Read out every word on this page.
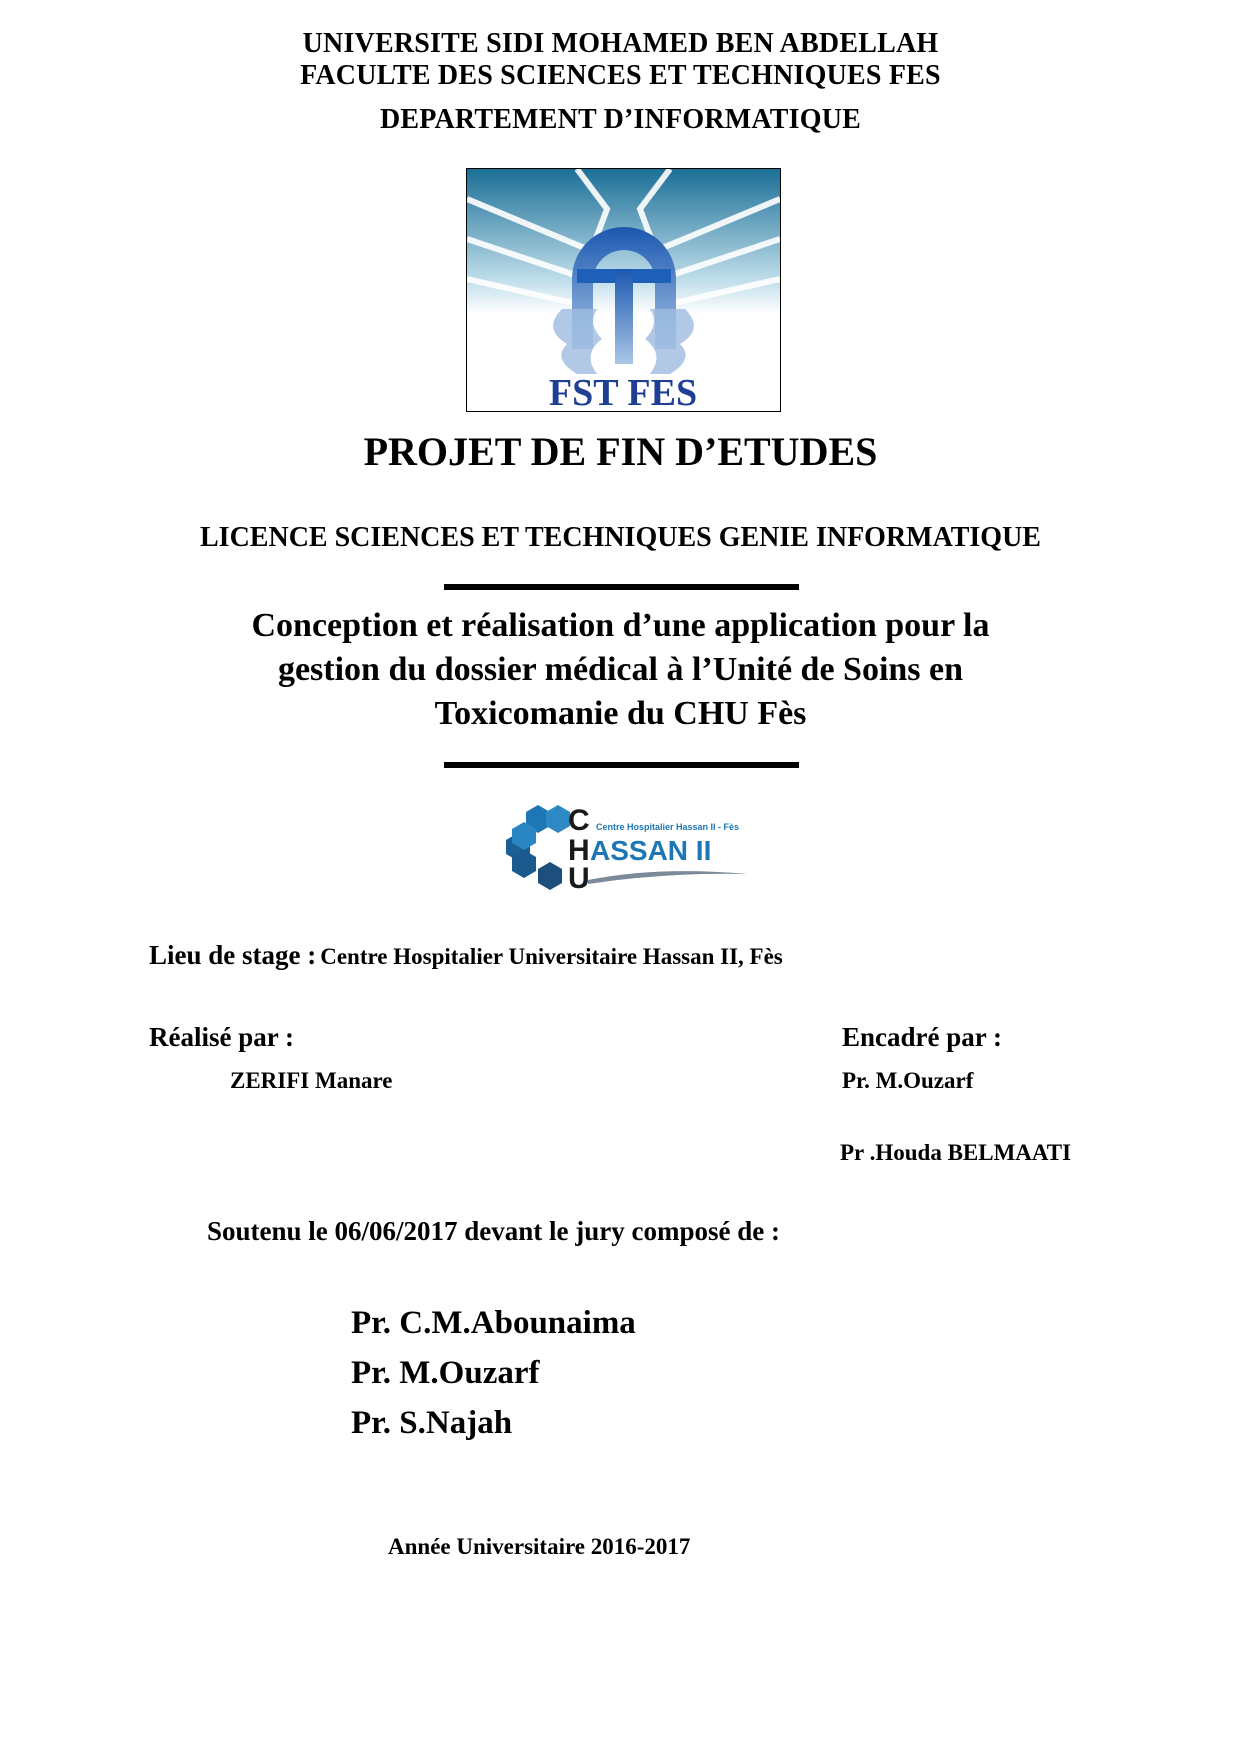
UNIVERSITE SIDI MOHAMED BEN ABDELLAH
FACULTE DES SCIENCES ET TECHNIQUES FES
DEPARTEMENT D’INFORMATIQUE
FST FES
PROJET DE FIN D’ETUDES
LICENCE SCIENCES ET TECHNIQUES GENIE INFORMATIQUE
Conception et réalisation d’une application pour la
gestion du dossier médical à l’Unité de Soins en
Toxicomanie du CHU Fès
C
H
U
Centre Hospitalier Hassan II - Fès
ASSAN II
Lieu de stage : Centre Hospitalier Universitaire Hassan II, Fès
Réalisé par :
ZERIFI Manare
Encadré par :
Pr. M.Ouzarf
Pr .Houda BELMAATI
Soutenu le 06/06/2017 devant le jury composé de :
Pr. C.M.Abounaima
Pr. M.Ouzarf
Pr. S.Najah
Année Universitaire 2016-2017
